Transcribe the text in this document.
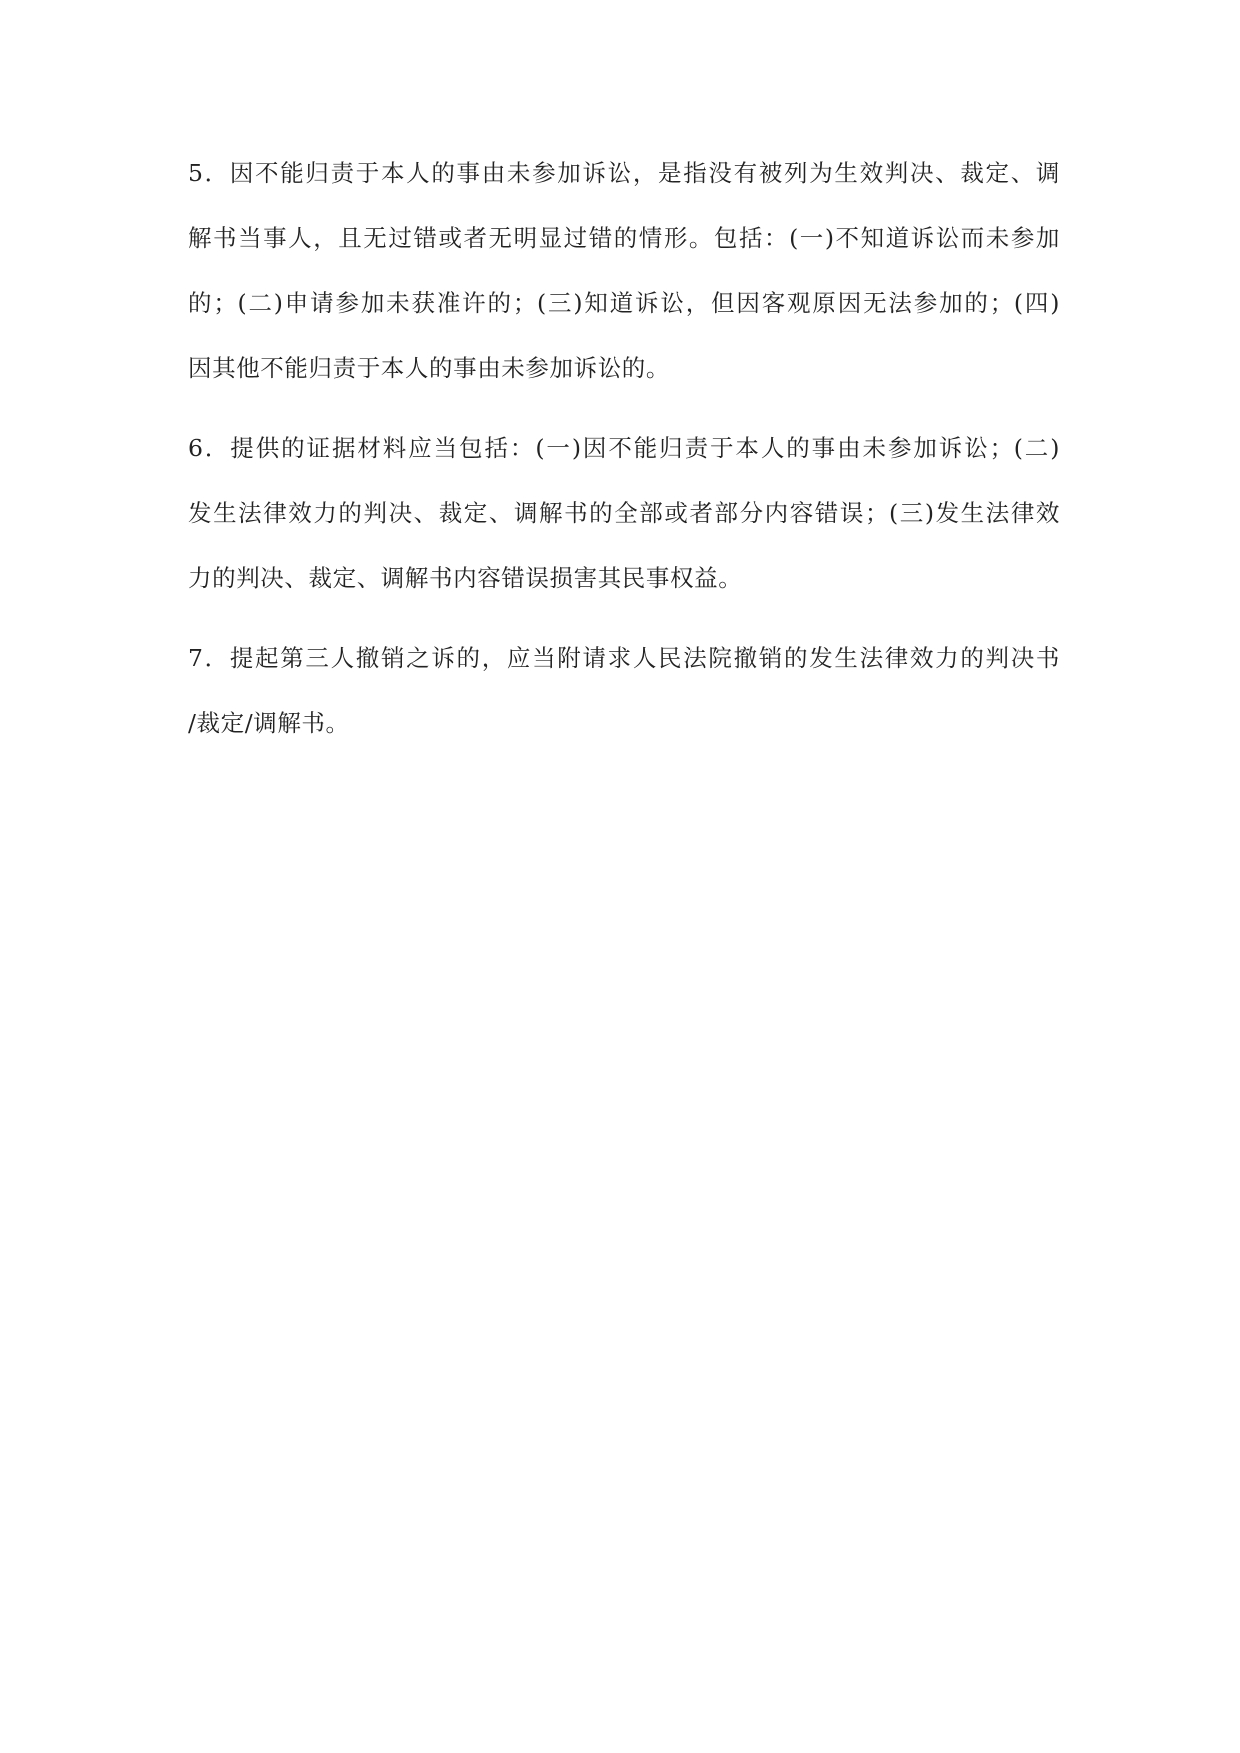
5．因不能归责于本人的事由未参加诉讼，是指没有被列为生效判决、裁定、调
解书当事人，且无过错或者无明显过错的情形。包括：(一)不知道诉讼而未参加
的；(二)申请参加未获准许的；(三)知道诉讼，但因客观原因无法参加的；(四)
因其他不能归责于本人的事由未参加诉讼的。
6．提供的证据材料应当包括：(一)因不能归责于本人的事由未参加诉讼；(二)
发生法律效力的判决、裁定、调解书的全部或者部分内容错误；(三)发生法律效
力的判决、裁定、调解书内容错误损害其民事权益。
7．提起第三人撤销之诉的，应当附请求人民法院撤销的发生法律效力的判决书
/裁定/调解书。
